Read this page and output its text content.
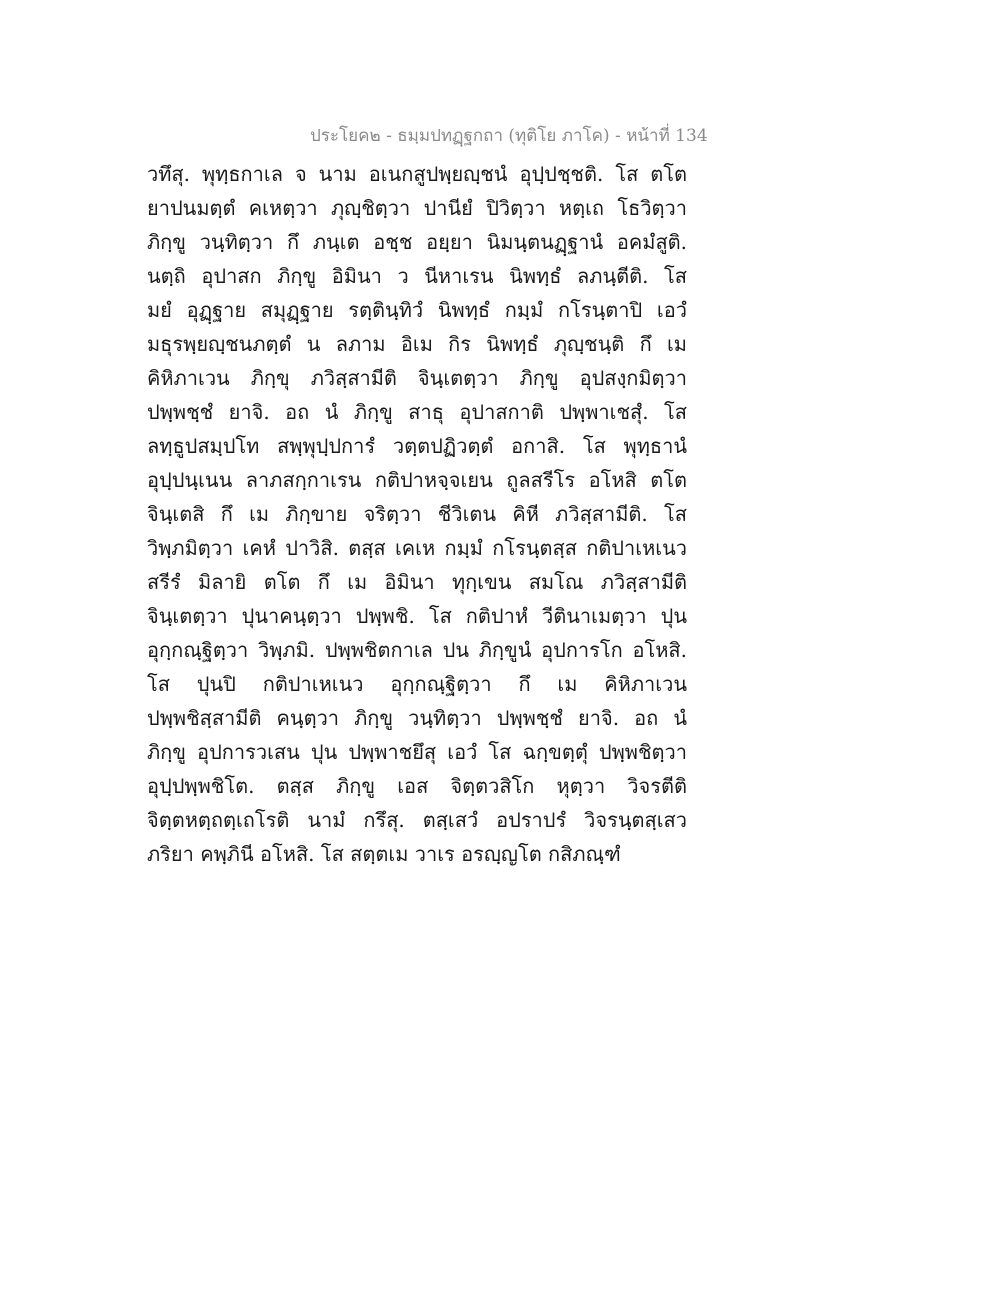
ประโยค๒ - ธมฺมปทฏฺฐกถา (ทุติโย ภาโค) - หน้าที่ 134
วทึสุ. พุทฺธกาเล จ นาม อเนกสูปพฺยญฺชนํ อุปฺปชฺชติ. โส ตโต
ยาปนมตฺตํ คเหตฺวา ภุญฺชิตฺวา ปานียํ ปิวิตฺวา หตฺเถ โธวิตฺวา
ภิกฺขู วนฺทิตฺวา กึ ภนฺเต อชฺช อยฺยา นิมนฺตนฏฺฐานํ อคมํสูติ.
นตฺถิ อุปาสก ภิกฺขู อิมินา ว นีหาเรน นิพทฺธํ ลภนฺตีติ. โส
มยํ อุฏฺฐาย สมุฏฺฐาย รตฺตินฺทิวํ นิพทฺธํ กมฺมํ กโรนฺตาปิ เอวํ
มธุรพฺยญฺชนภตฺตํ น ลภาม อิเม กิร นิพทฺธํ ภุญฺชนฺติ กึ เม
คิหิภาเวน ภิกฺขุ ภวิสฺสามีติ จินฺเตตฺวา ภิกฺขู อุปสงฺกมิตฺวา
ปพฺพชฺชํ ยาจิ. อถ นํ ภิกฺขู สาธุ อุปาสกาติ ปพฺพาเชสุํ. โส
ลทฺธูปสมฺปโท สพฺพุปฺปการํ วตฺตปฏิวตฺตํ อกาสิ. โส พุทฺธานํ
อุปฺปนฺเนน ลาภสกฺกาเรน กติปาหจฺจเยน ถูลสรีโร อโหสิ ตโต
จินฺเตสิ กึ เม ภิกฺขาย จริตฺวา ชีวิเตน คิหี ภวิสฺสามีติ. โส
วิพฺภมิตฺวา เคหํ ปาวิสิ. ตสฺส เคเห กมฺมํ กโรนฺตสฺส กติปาเหเนว
สรีรํ มิลายิ ตโต กึ เม อิมินา ทุกฺเขน สมโณ ภวิสฺสามีติ
จินฺเตตฺวา ปุนาคนฺตฺวา ปพฺพชิ. โส กติปาหํ วีตินาเมตฺวา ปุน
อุกฺกณฺฐิตฺวา วิพฺภมิ. ปพฺพชิตกาเล ปน ภิกฺขูนํ อุปการโก อโหสิ.
โส ปุนปิ กติปาเหเนว อุกฺกณฺฐิตฺวา กึ เม คิหิภาเวน
ปพฺพชิสฺสามีติ คนฺตฺวา ภิกฺขู วนฺทิตฺวา ปพฺพชฺชํ ยาจิ. อถ นํ
ภิกฺขู อุปการวเสน ปุน ปพฺพาชยึสุ เอวํ โส ฉกฺขตฺตุํ ปพฺพชิตฺวา
อุปฺปพฺพชิโต. ตสฺส ภิกฺขู เอส จิตฺตวสิโก หุตฺวา วิจรตีติ
จิตฺตหตฺถตฺเถโรติ นามํ กรึสุ. ตสฺเสวํ อปราปรํ วิจรนฺตสฺเสว
ภริยา คพฺภินี อโหสิ. โส สตฺตเม วาเร อรญฺญโต กสิภณฺฑํ
